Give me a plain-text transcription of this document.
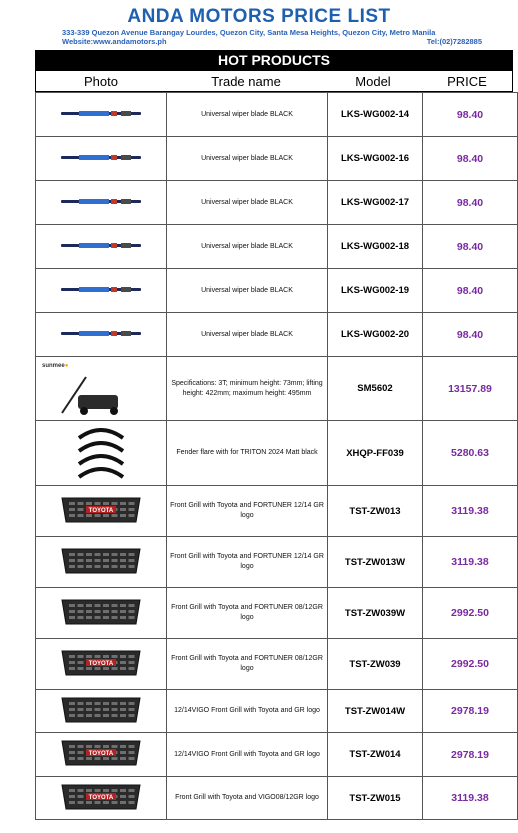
ANDA MOTORS PRICE LIST
333-339 Quezon Avenue Barangay Lourdes, Quezon City, Santa Mesa Heights, Quezon City, Metro Manila
Website:www.andamotors.ph	Tel:(02)7282885
HOT PRODUCTS
Photo	Trade name	Model	PRICE
	Universal wiper blade BLACK	LKS-WG002-14	98.40
	Universal wiper blade BLACK	LKS-WG002-16	98.40
	Universal wiper blade BLACK	LKS-WG002-17	98.40
	Universal wiper blade BLACK	LKS-WG002-18	98.40
	Universal wiper blade BLACK	LKS-WG002-19	98.40
	Universal wiper blade BLACK	LKS-WG002-20	98.40

sunmee●	Specifications: 3T; minimum height: 73mm; lifting height: 422mm; maximum height: 495mm	SM5602	13157.89
	Fender flare with for TRITON 2024 Matt black	XHQP-FF039	5280.63

TOYOTA	Front Grill with Toyota and FORTUNER 12/14 GR logo	TST-ZW013	3119.38
	Front Grill with Toyota and FORTUNER 12/14 GR logo	TST-ZW013W	3119.38
	Front Grill with Toyota and FORTUNER 08/12GR logo	TST-ZW039W	2992.50

TOYOTA	Front Grill with Toyota and FORTUNER 08/12GR logo	TST-ZW039	2992.50
	12/14VIGO Front Grill with Toyota and GR logo	TST-ZW014W	2978.19

TOYOTA	12/14VIGO Front Grill with Toyota and GR logo	TST-ZW014	2978.19

TOYOTA	Front Grill with Toyota and VIGO08/12GR logo	TST-ZW015	3119.38
